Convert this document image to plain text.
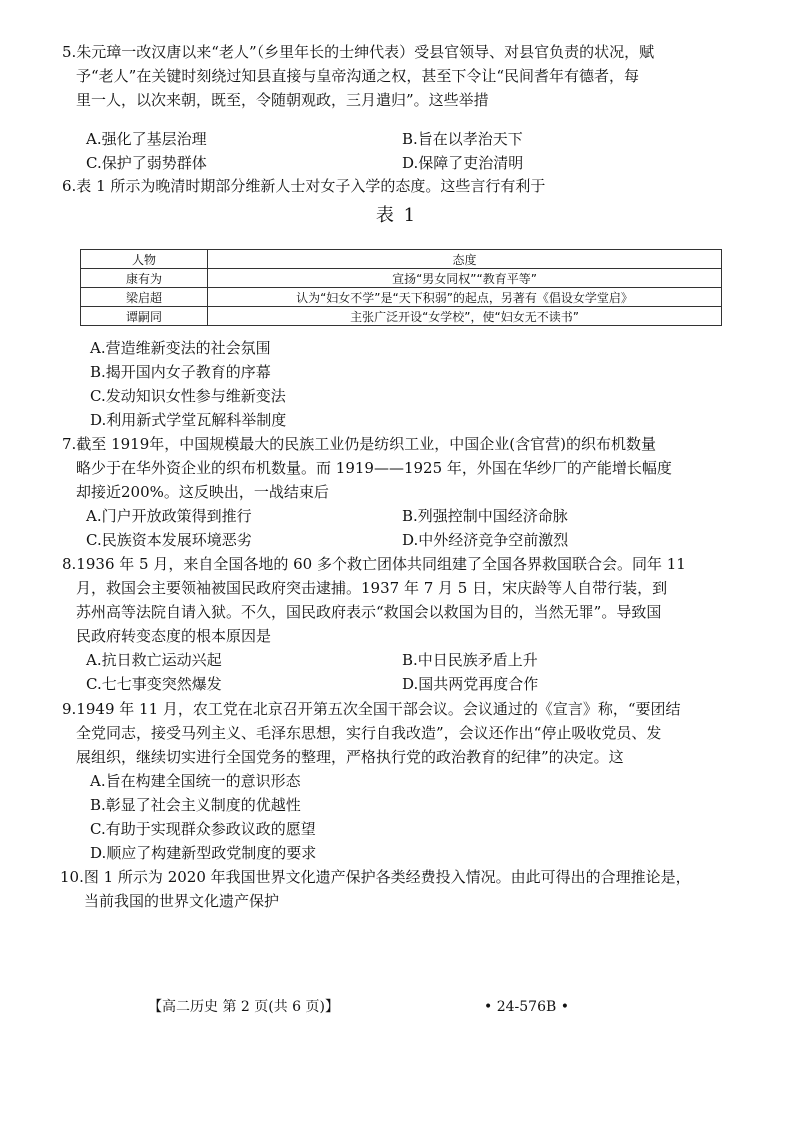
5.朱元璋一改汉唐以来“老人”（乡里年长的士绅代表）受县官领导、对县官负责的状况，赋
予“老人”在关键时刻绕过知县直接与皇帝沟通之权，甚至下令让“民间耆年有德者，每
里一人，以次来朝，既至，令随朝观政，三月遣归”。这些举措
A.强化了基层治理	B.旨在以孝治天下
C.保护了弱势群体	D.保障了吏治清明
6.表 1 所示为晚清时期部分维新人士对女子入学的态度。这些言行有利于
表 1
人物	态度
康有为	宣扬“男女同权”“教育平等”
梁启超	认为“妇女不学”是“天下积弱”的起点，另著有《倡设女学堂启》
谭嗣同	主张广泛开设“女学校”，使“妇女无不读书”
A.营造维新变法的社会氛围
B.揭开国内女子教育的序幕
C.发动知识女性参与维新变法
D.利用新式学堂瓦解科举制度
7.截至 1919年，中国规模最大的民族工业仍是纺织工业，中国企业(含官营)的织布机数量
略少于在华外资企业的织布机数量。而 1919——1925 年，外国在华纱厂的产能增长幅度
却接近200%。这反映出，一战结束后
A.门户开放政策得到推行	B.列强控制中国经济命脉
C.民族资本发展环境恶劣	D.中外经济竞争空前激烈
8.1936 年 5 月，来自全国各地的 60 多个救亡团体共同组建了全国各界救国联合会。同年 11
月，救国会主要领袖被国民政府突击逮捕。1937 年 7 月 5 日，宋庆龄等人自带行装，到
苏州高等法院自请入狱。不久，国民政府表示“救国会以救国为目的，当然无罪”。导致国
民政府转变态度的根本原因是
A.抗日救亡运动兴起	B.中日民族矛盾上升
C.七七事变突然爆发	D.国共两党再度合作
9.1949 年 11 月，农工党在北京召开第五次全国干部会议。会议通过的《宣言》称，“要团结
全党同志，接受马列主义、毛泽东思想，实行自我改造”，会议还作出“停止吸收党员、发
展组织，继续切实进行全国党务的整理，严格执行党的政治教育的纪律”的决定。这
A.旨在构建全国统一的意识形态
B.彰显了社会主义制度的优越性
C.有助于实现群众参政议政的愿望
D.顺应了构建新型政党制度的要求
10.图 1 所示为 2020 年我国世界文化遗产保护各类经费投入情况。由此可得出的合理推论是，
当前我国的世界文化遗产保护
【高二历史 第 2 页(共 6 页)】	• 24-576B •
